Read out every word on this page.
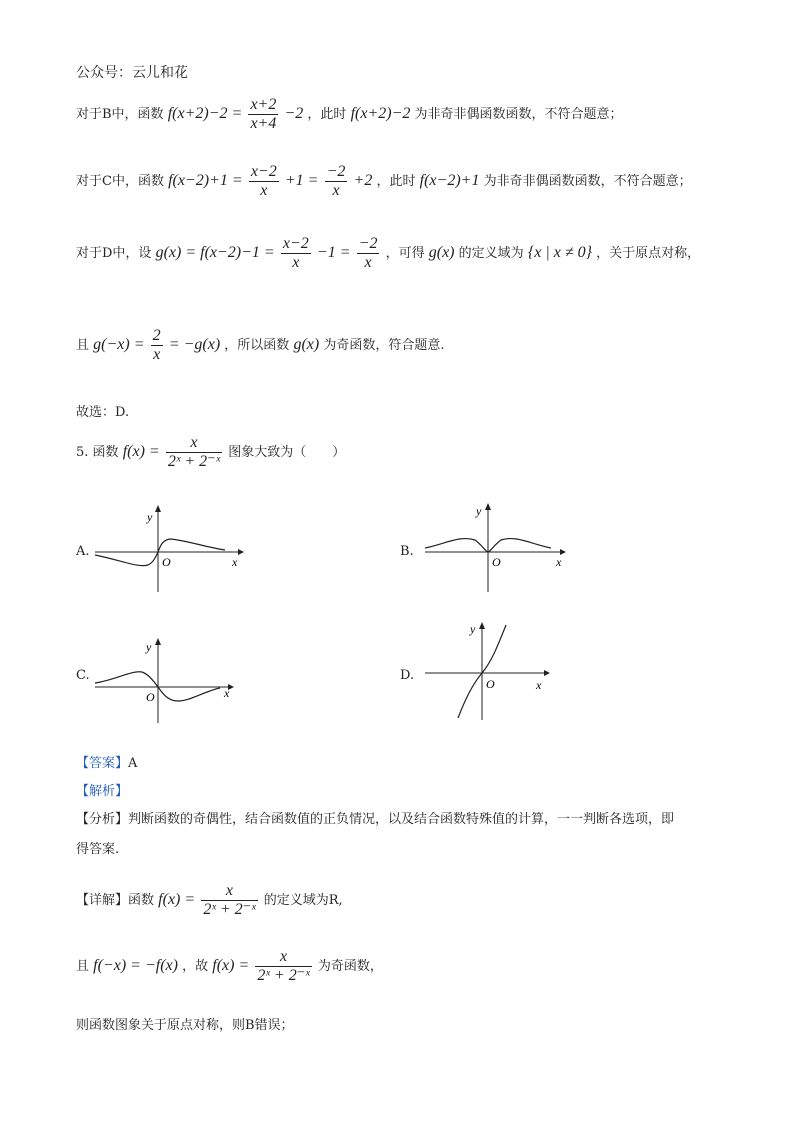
公众号：云儿和花
对于B中，函数 $f(x+2)-2 = \frac{x+2}{x+4} -2$ ，此时 f(x+2)−2 为非奇非偶函数函数，不符合题意；
对于C中，函数 $f(x-2)+1 = \frac{x-2}{x} +1 = \frac{-2}{x} +2$ ，此时 f(x−2)+1 为非奇非偶函数函数，不符合题意；
对于D中，设 $g(x) = f(x-2)-1 = \frac{x-2}{x} -1 = \frac{-2}{x}$ ，可得 g(x) 的定义域为 {x | x ≠ 0} ，关于原点对称，
且 $g(-x) = \frac{2}{x} = -g(x)$ ，所以函数 g(x) 为奇函数，符合题意.
故选：D.
5. 函数 $f(x) = \frac{x}{\text{2ˣ + 2⁻ˣ}}$ 图象大致为（　　）
A.	B.
C.	D.
y
x
O
y
x
O
y
x
O
y
x
O
【答案】A
【解析】
【分析】判断函数的奇偶性，结合函数值的正负情况，以及结合函数特殊值的计算，一一判断各选项，即
得答案.
【详解】函数 $f(x) = \frac{x}{\text{2ˣ + 2⁻ˣ}}$ 的定义域为R,
且 f(−x) = −f(x) ，故 $f(x) = \frac{x}{\text{2ˣ + 2⁻ˣ}}$ 为奇函数，
则函数图象关于原点对称，则B错误；
